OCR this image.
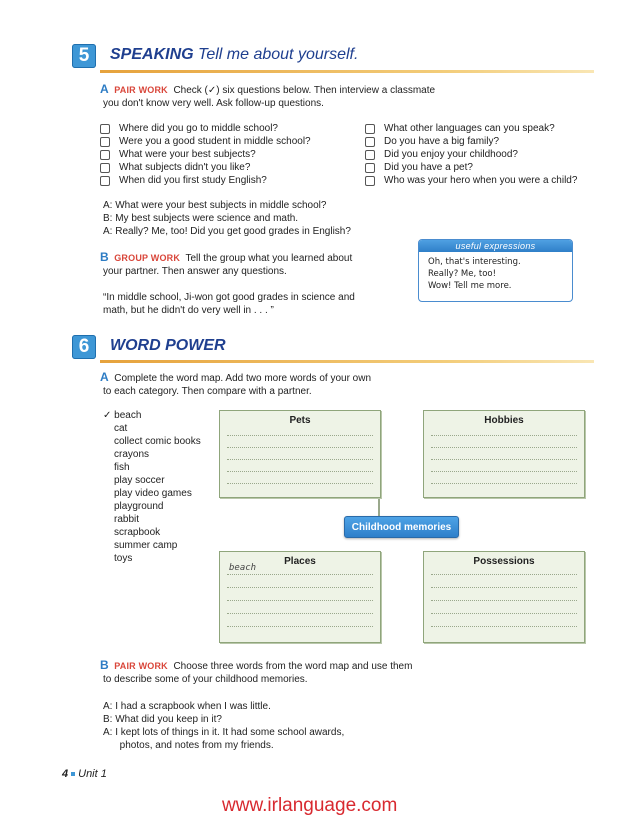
5	SPEAKING Tell me about yourself.
A PAIR WORK Check (✓) six questions below. Then interview a classmate
you don't know very well. Ask follow-up questions.
Where did you go to middle school?
Were you a good student in middle school?
What were your best subjects?
What subjects didn't you like?
When did you first study English?
What other languages can you speak?
Do you have a big family?
Did you enjoy your childhood?
Did you have a pet?
Who was your hero when you were a child?
A: What were your best subjects in middle school?
B: My best subjects were science and math.
A: Really? Me, too! Did you get good grades in English?
B GROUP WORK Tell the group what you learned about
your partner. Then answer any questions.
“In middle school, Ji-won got good grades in science and
math, but he didn't do very well in . . . ”
useful expressions
Oh, that's interesting.
Really? Me, too!
Wow! Tell me more.
6	WORD POWER
A Complete the word map. Add two more words of your own
to each category. Then compare with a partner.
✓ beach
cat
collect comic books
crayons
fish
play soccer
play video games
playground
rabbit
scrapbook
summer camp
toys
Pets	Hobbies
Childhood memories
Places
beach
Possessions
B PAIR WORK Choose three words from the word map and use them
to describe some of your childhood memories.
A: I had a scrapbook when I was little.
B: What did you keep in it?
A: I kept lots of things in it. It had some school awards,
photos, and notes from my friends.
4 Unit 1
www.irlanguage.com
